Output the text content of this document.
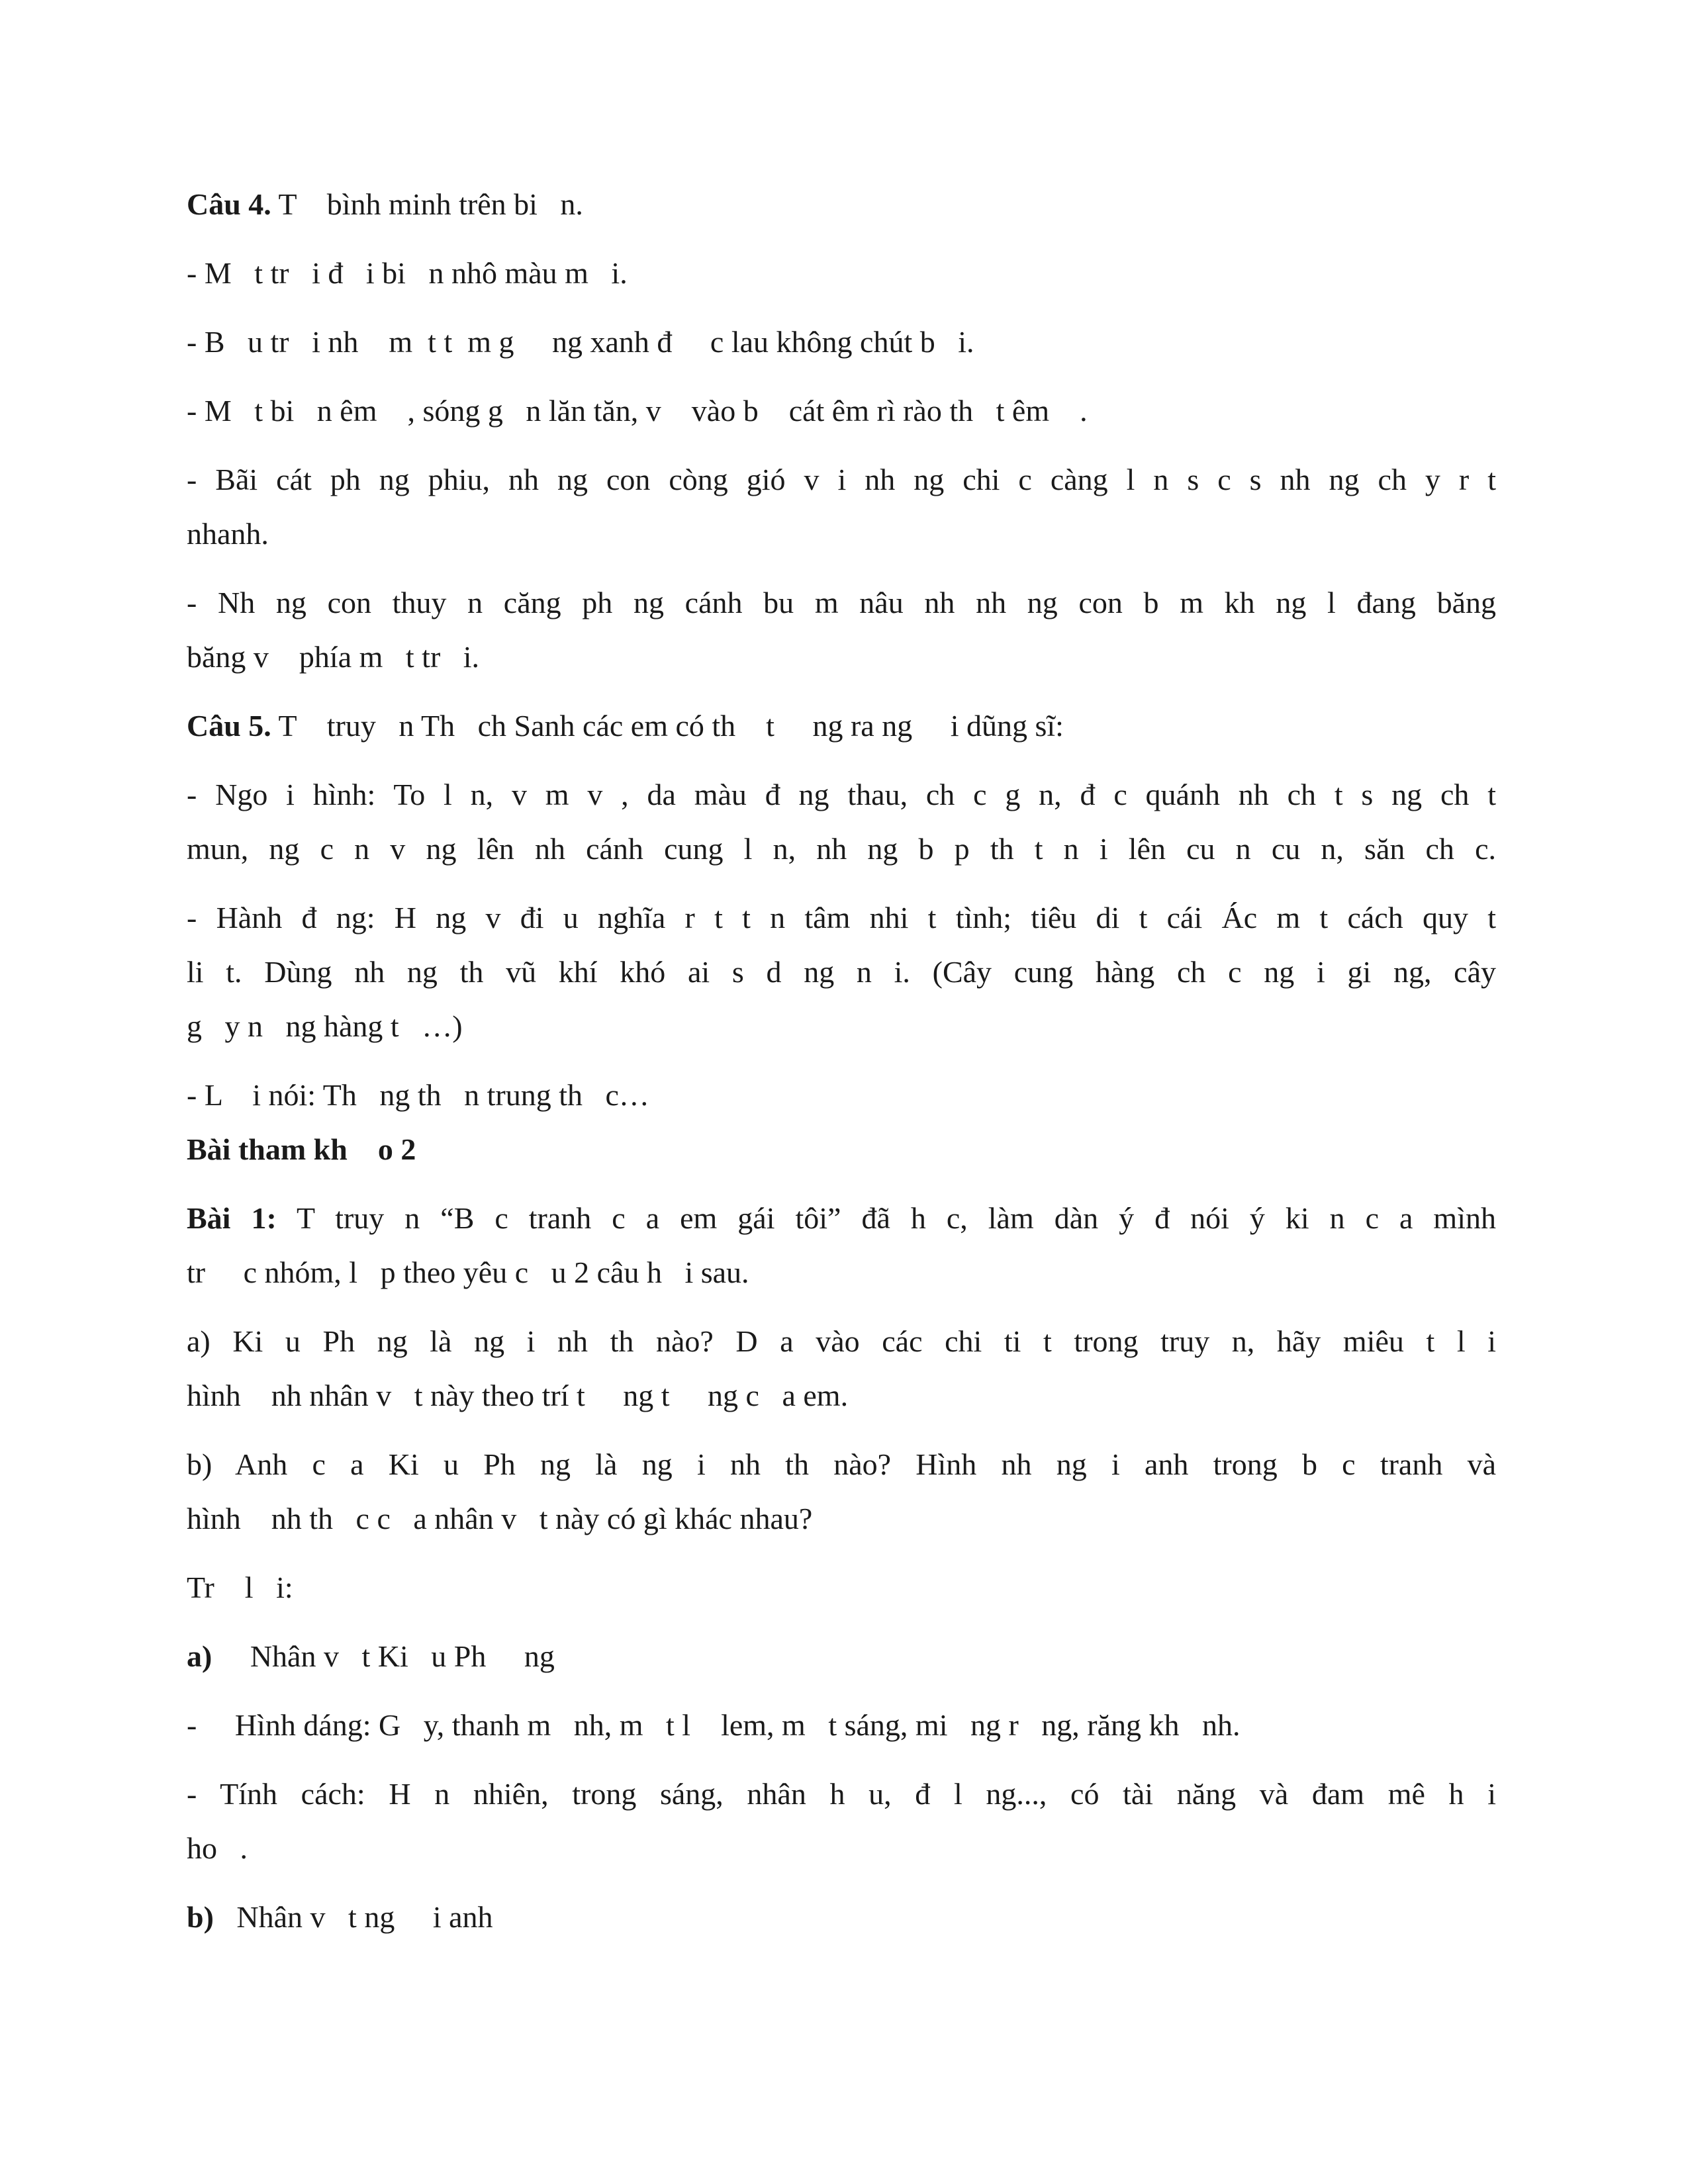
Câu 4. T    bình minh trên bi   n.
- M   t tr   i đ   i bi   n nhô màu m   i.
- B   u tr   i nh    m  t t  m g     ng xanh đ     c lau không chút b   i.
- M   t bi   n êm    , sóng g   n lăn tăn, v    vào b    cát êm rì rào th   t êm    .
- Bãi cát ph ng phiu, nh ng con còng gió v i nh ng chi c càng l n s c s nh ng ch y r t
nhanh.
- Nh ng con thuy n căng ph ng cánh bu m nâu nh nh ng con b m kh ng l đang băng
băng v    phía m   t tr   i.
Câu 5. T    truy   n Th   ch Sanh các em có th    t     ng ra ng     i dũng sĩ:
- Ngo i hình: To l n, v m v , da màu đ ng thau, ch c g n, đ c quánh nh ch t s ng ch t
mun, ng c n v ng lên nh cánh cung l n, nh ng b p th t n i lên cu n cu n, săn ch c.
- Hành đ ng: H ng v đi u nghĩa r t t n tâm nhi t tình; tiêu di t cái Ác m t cách quy t
li t. Dùng nh ng th vũ khí khó ai s d ng n i. (Cây cung hàng ch c ng i gi ng, cây
g   y n   ng hàng t   …)
- L    i nói: Th   ng th   n trung th   c…
Bài tham kh    o 2
Bài 1: T truy n “B c tranh c a em gái tôi” đã h c, làm dàn ý đ nói ý ki n c a mình
tr     c nhóm, l   p theo yêu c   u 2 câu h   i sau.
a) Ki u Ph ng là ng i nh th nào? D a vào các chi ti t trong truy n, hãy miêu t l i
hình    nh nhân v   t này theo trí t     ng t     ng c   a em.
b) Anh c a Ki u Ph ng là ng i nh th nào? Hình nh ng i anh trong b c tranh và
hình    nh th   c c   a nhân v   t này có gì khác nhau?
Tr    l   i:
a)     Nhân v   t Ki   u Ph     ng
-     Hình dáng: G   y, thanh m   nh, m   t l    lem, m   t sáng, mi   ng r   ng, răng kh   nh.
- Tính cách: H n nhiên, trong sáng, nhân h u, đ l ng..., có tài năng và đam mê h i
ho   .
b)   Nhân v   t ng     i anh
